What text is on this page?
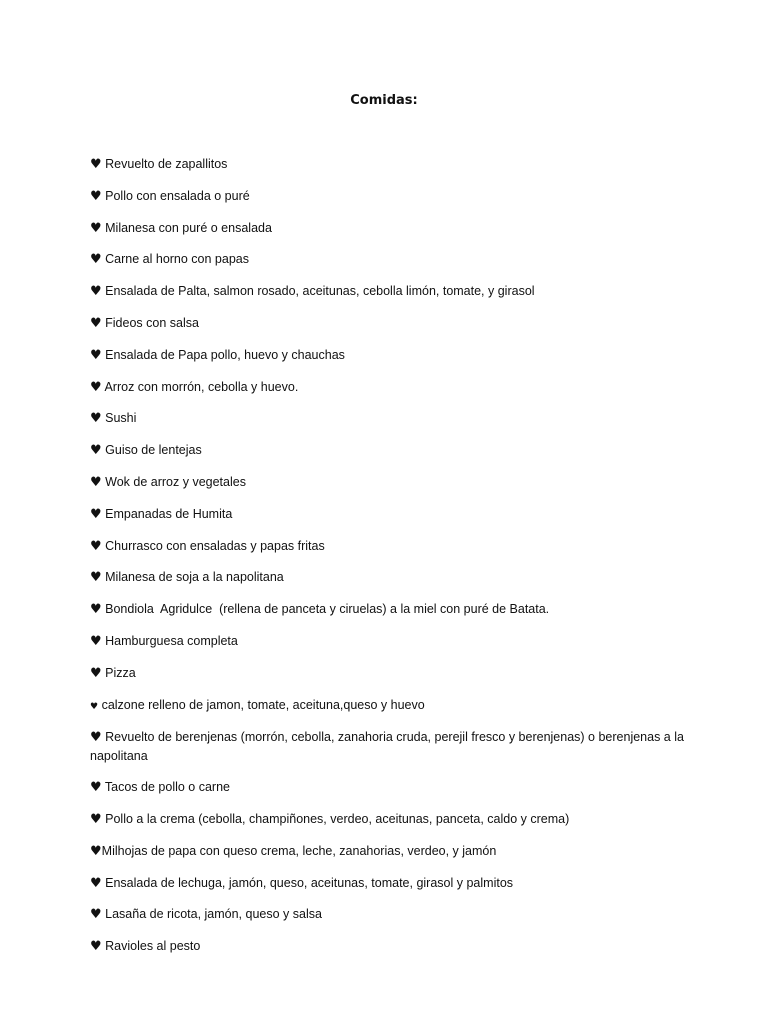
Comidas:
♥ Revuelto de zapallitos
♥ Pollo con ensalada o puré
♥ Milanesa con puré o ensalada
♥ Carne al horno con papas
♥ Ensalada de Palta, salmon rosado, aceitunas, cebolla limón, tomate, y girasol
♥ Fideos con salsa
♥ Ensalada de Papa pollo, huevo y chauchas
♥ Arroz con morrón, cebolla y huevo.
♥ Sushi
♥ Guiso de lentejas
♥ Wok de arroz y vegetales
♥ Empanadas de Humita
♥ Churrasco con ensaladas y papas fritas
♥ Milanesa de soja a la napolitana
♥ Bondiola  Agridulce  (rellena de panceta y ciruelas) a la miel con puré de Batata.
♥ Hamburguesa completa
♥ Pizza
♥ calzone relleno de jamon, tomate, aceituna,queso y huevo
♥ Revuelto de berenjenas (morrón, cebolla, zanahoria cruda, perejil fresco y berenjenas) o berenjenas a la napolitana
♥ Tacos de pollo o carne
♥ Pollo a la crema (cebolla, champiñones, verdeo, aceitunas, panceta, caldo y crema)
♥Milhojas de papa con queso crema, leche, zanahorias, verdeo, y jamón
♥ Ensalada de lechuga, jamón, queso, aceitunas, tomate, girasol y palmitos
♥ Lasaña de ricota, jamón, queso y salsa
♥ Ravioles al pesto
